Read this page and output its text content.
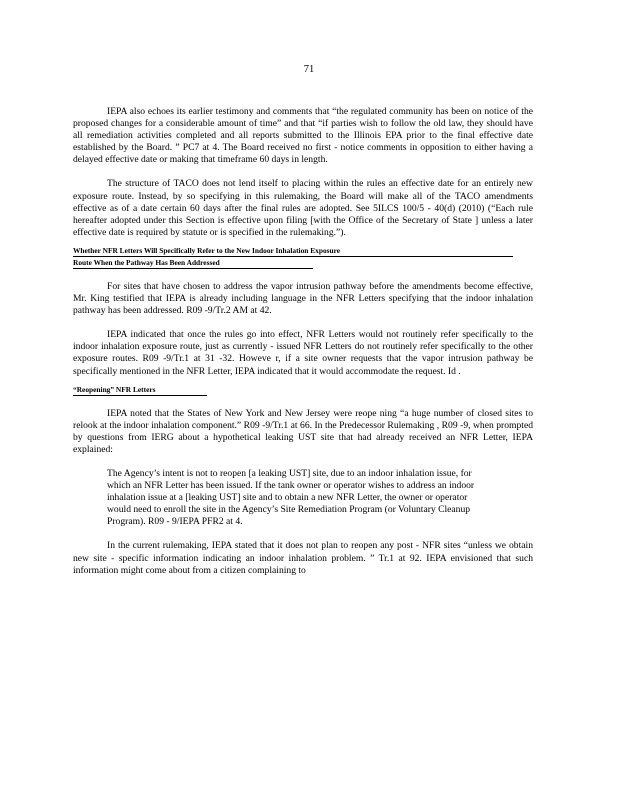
71

IEPA also echoes its earlier testimony and comments that “the regulated community has been on notice of the proposed changes for a considerable amount of time” and that “if parties wish to follow the old law, they should have all remediation activities completed and all reports submitted to the Illinois EPA prior to the final effective date established by the Board. ” PC7 at 4. The Board received no first - notice comments in opposition to either having a delayed effective date or making that timeframe 60 days in length.

The structure of TACO does not lend itself to placing within the rules an effective date for an entirely new exposure route. Instead, by so specifying in this rulemaking, the Board will make all of the TACO amendments effective as of a date certain 60 days after the final rules are adopted. See 5ILCS 100/5 - 40(d) (2010) (“Each rule hereafter adopted under this Section is effective upon filing [with the Office of the Secretary of State ] unless a later effective date is required by statute or is specified in the rulemaking.”).

Whether NFR Letters Will Specifically Refer to the New Indoor Inhalation Exposure
Route When the Pathway Has Been Addressed

For sites that have chosen to address the vapor intrusion pathway before the amendments become effective, Mr. King testified that IEPA is already including language in the NFR Letters specifying that the indoor inhalation pathway has been addressed. R09 -9/Tr.2 AM at 42.

IEPA indicated that once the rules go into effect, NFR Letters would not routinely refer specifically to the indoor inhalation exposure route, just as currently - issued NFR Letters do not routinely refer specifically to the other exposure routes. R09 -9/Tr.1 at 31 -32. Howeve r, if a site owner requests that the vapor intrusion pathway be specifically mentioned in the NFR Letter, IEPA indicated that it would accommodate the request. Id .

“Reopening” NFR Letters

IEPA noted that the States of New York and New Jersey were reope ning “a huge number of closed sites to relook at the indoor inhalation component.” R09 -9/Tr.1 at 66. In the Predecessor Rulemaking , R09 -9, when prompted by questions from IERG about a hypothetical leaking UST site that had already received an NFR Letter, IEPA explained:

The Agency’s intent is not to reopen [a leaking UST] site, due to an indoor inhalation issue, for which an NFR Letter has been issued. If the tank owner or operator wishes to address an indoor inhalation issue at a [leaking UST] site and to obtain a new NFR Letter, the owner or operator would need to enroll the site in the Agency’s Site Remediation Program (or Voluntary Cleanup Program). R09 - 9/IEPA PFR2 at 4.

In the current rulemaking, IEPA stated that it does not plan to reopen any post - NFR sites “unless we obtain new site - specific information indicating an indoor inhalation problem. ” Tr.1 at 92. IEPA envisioned that such information might come about from a citizen complaining to
